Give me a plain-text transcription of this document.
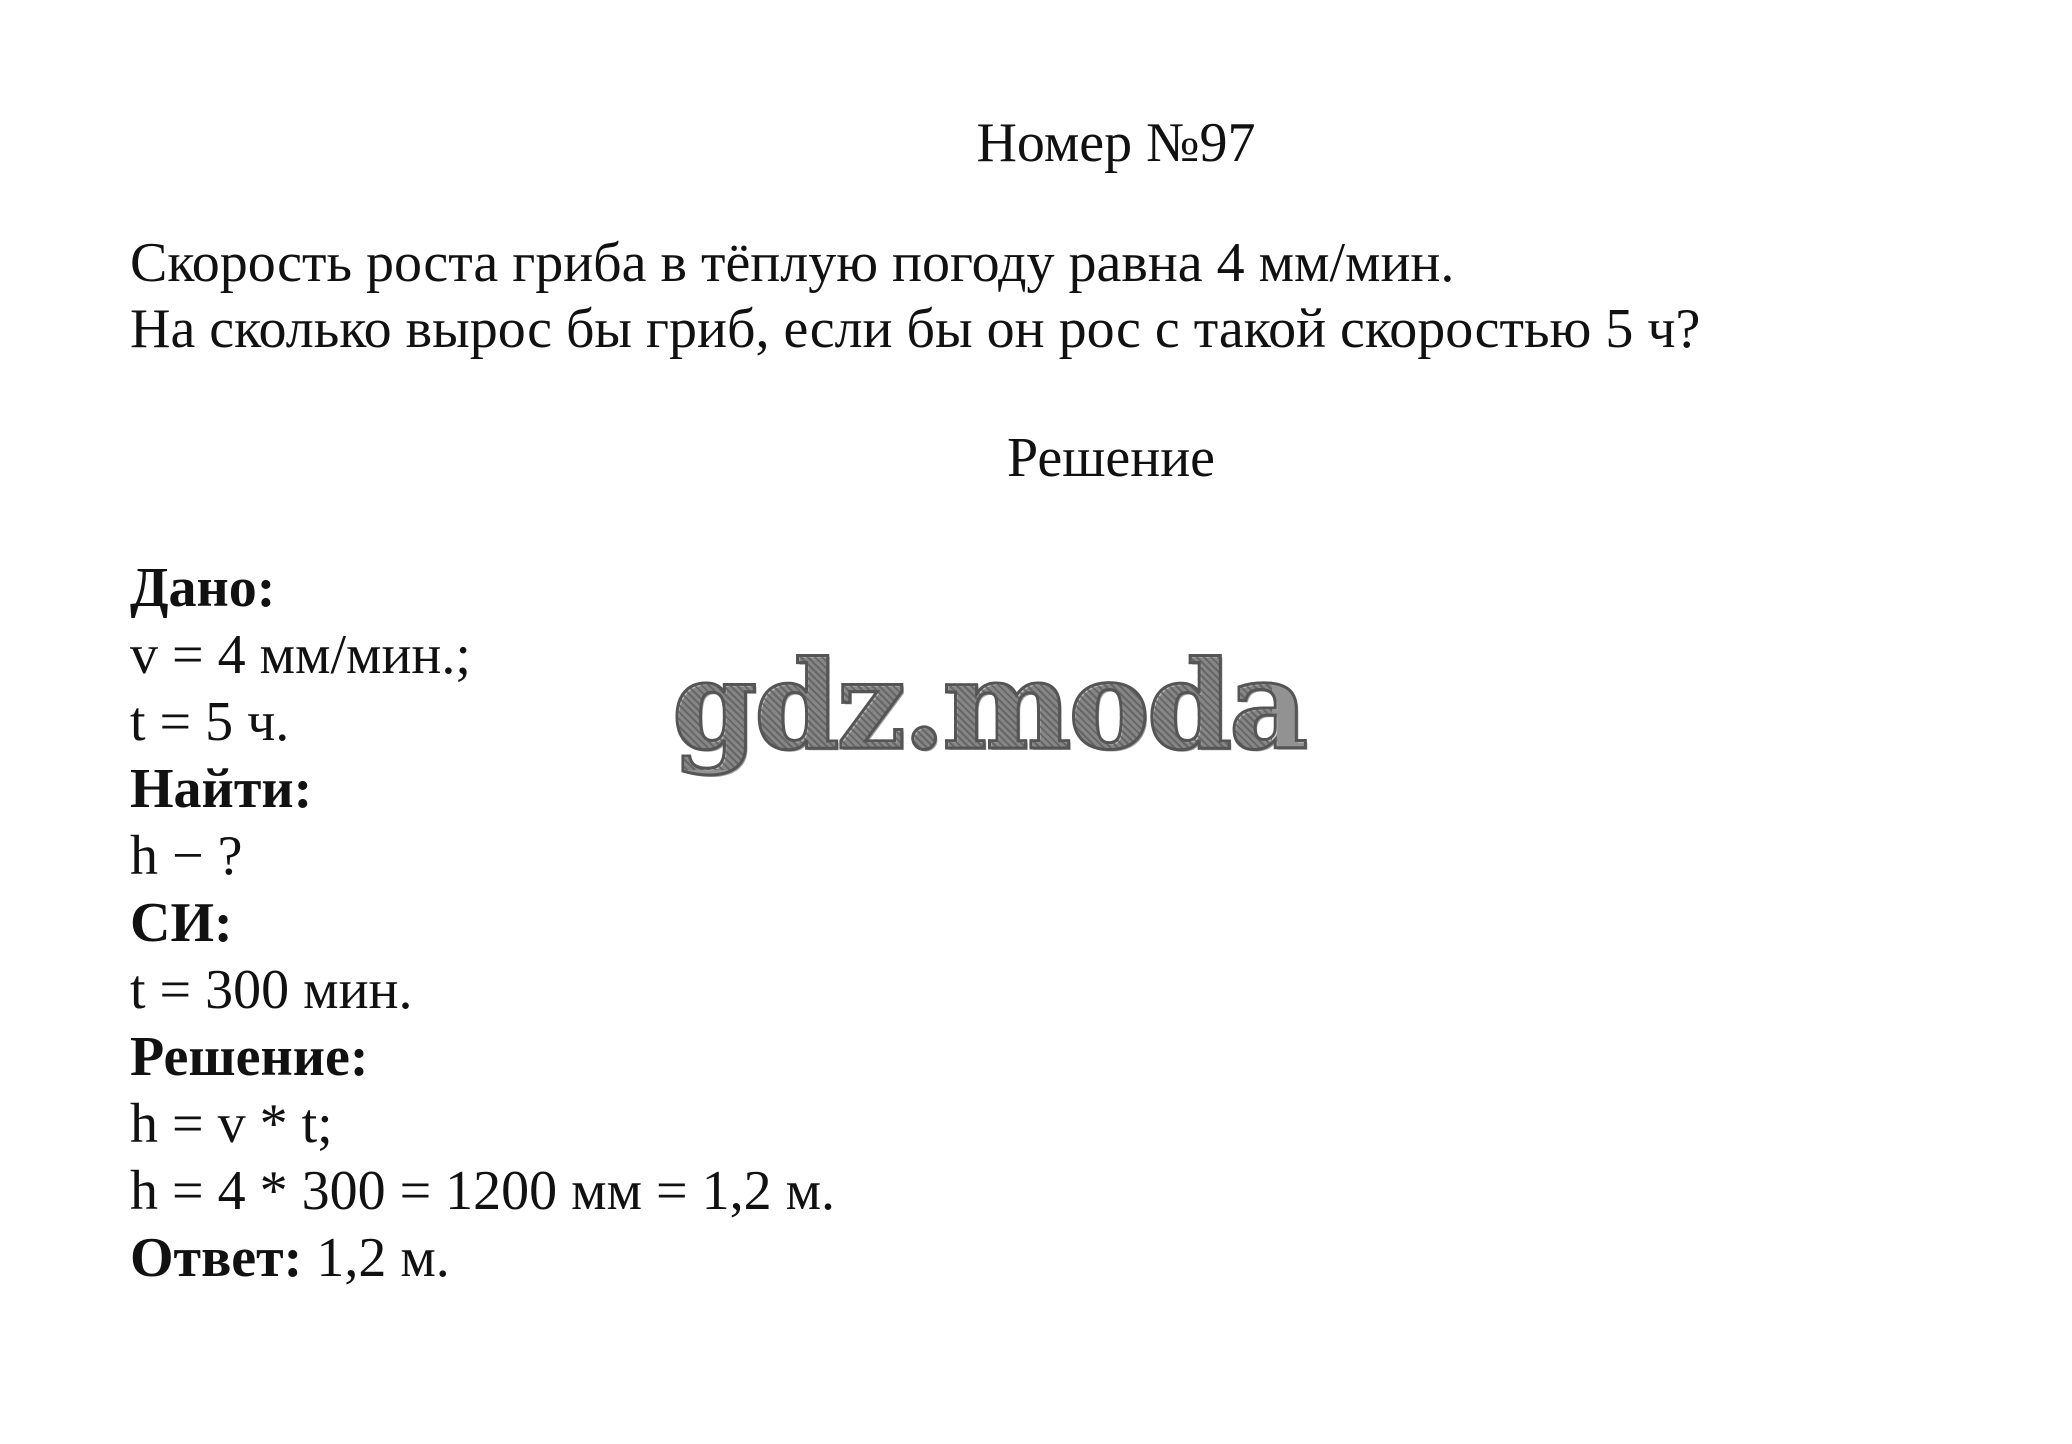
Номер №97
Скорость роста гриба в тёплую погоду равна 4 мм/мин.
На сколько вырос бы гриб, если бы он рос с такой скоростью 5 ч?
Решение
Дано:
v = 4 мм/мин.;
t = 5 ч.
Найти:
h − ?
СИ:
t = 300 мин.
Решение:
h = v * t;
h = 4 * 300 = 1200 мм = 1,2 м.
Ответ: 1,2 м.
gdz.moda
